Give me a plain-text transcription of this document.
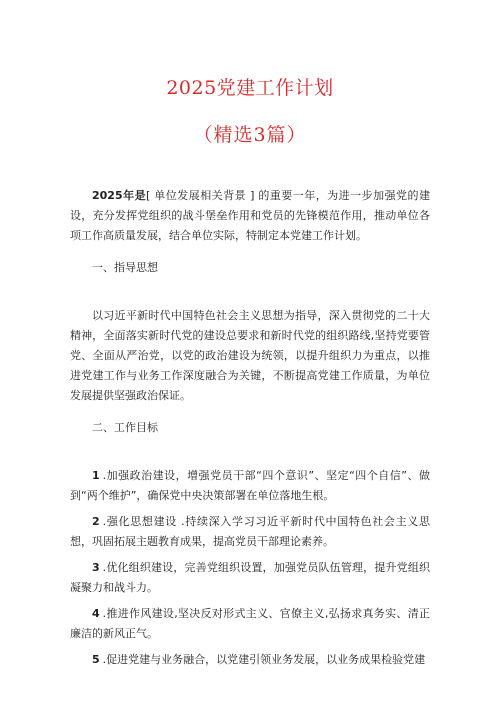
2025党建工作计划
（精选3篇）

2025年是[ 单位发展相关背景 ] 的重要一年，为进一步加强党的建设，充分发挥党组织的战斗堡垒作用和党员的先锋模范作用，推动单位各项工作高质量发展，结合单位实际，特制定本党建工作计划。

一、指导思想

以习近平新时代中国特色社会主义思想为指导，深入贯彻党的二十大精神，全面落实新时代党的建设总要求和新时代党的组织路线,坚持党要管党、全面从严治党，以党的政治建设为统领，以提升组织力为重点，以推进党建工作与业务工作深度融合为关键，不断提高党建工作质量，为单位发展提供坚强政治保证。

二、工作目标

1 .加强政治建设，增强党员干部“四个意识”、坚定“四个自信”、做到“两个维护”，确保党中央决策部署在单位落地生根。

2 .强化思想建设 .持续深入学习习近平新时代中国特色社会主义思想，巩固拓展主题教育成果，提高党员干部理论素养。

3 .优化组织建设，完善党组织设置，加强党员队伍管理，提升党组织凝聚力和战斗力。

4 .推进作风建设,坚决反对形式主义、官僚主义,弘扬求真务实、清正廉洁的新风正气。

5 .促进党建与业务融合，以党建引领业务发展，以业务成果检验党建
